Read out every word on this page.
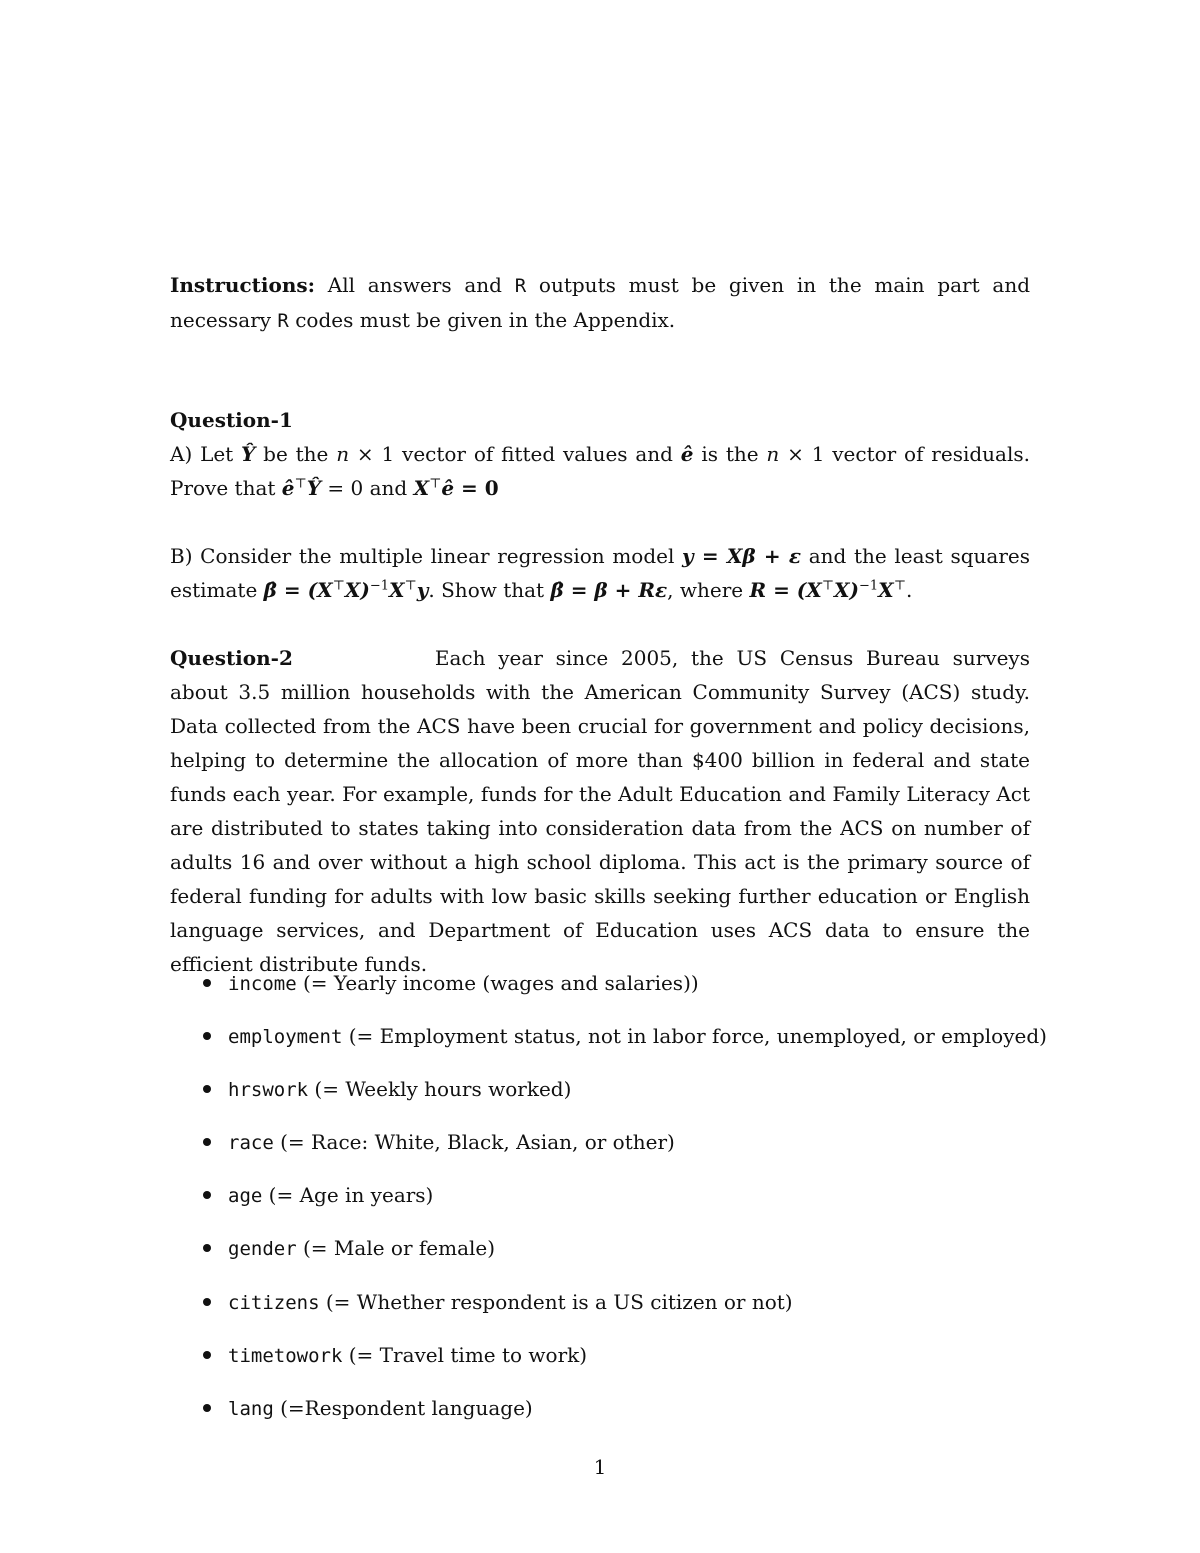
Instructions: All answers and R outputs must be given in the main part and necessary R codes must be given in the Appendix.
Question-1
A) Let Ŷ be the n × 1 vector of fitted values and ê is the n × 1 vector of residuals. Prove that ê⊤Ŷ = 0 and X⊤ê = 0
B) Consider the multiple linear regression model y = Xβ + ε and the least squares estimate β̂ = $(X^⊤X)^{-1}X^⊤y$. Show that β̂ = β + Rε, where $R = (X^⊤X)^{-1}X^⊤$.
Question-2	Each year since 2005, the US Census Bureau surveys about 3.5 million households with the American Community Survey (ACS) study. Data collected from the ACS have been crucial for government and policy decisions, helping to determine the allocation of more than $400 billion in federal and state funds each year. For example, funds for the Adult Education and Family Literacy Act are distributed to states taking into consideration data from the ACS on number of adults 16 and over without a high school diploma. This act is the primary source of federal funding for adults with low basic skills seeking further education or English language services, and Department of Education uses ACS data to ensure the efficient distribute funds.
income (= Yearly income (wages and salaries))
employment (= Employment status, not in labor force, unemployed, or employed)
hrswork (= Weekly hours worked)
race (= Race: White, Black, Asian, or other)
age (= Age in years)
gender (= Male or female)
citizens (= Whether respondent is a US citizen or not)
timetowork (= Travel time to work)
lang (=Respondent language)
1
